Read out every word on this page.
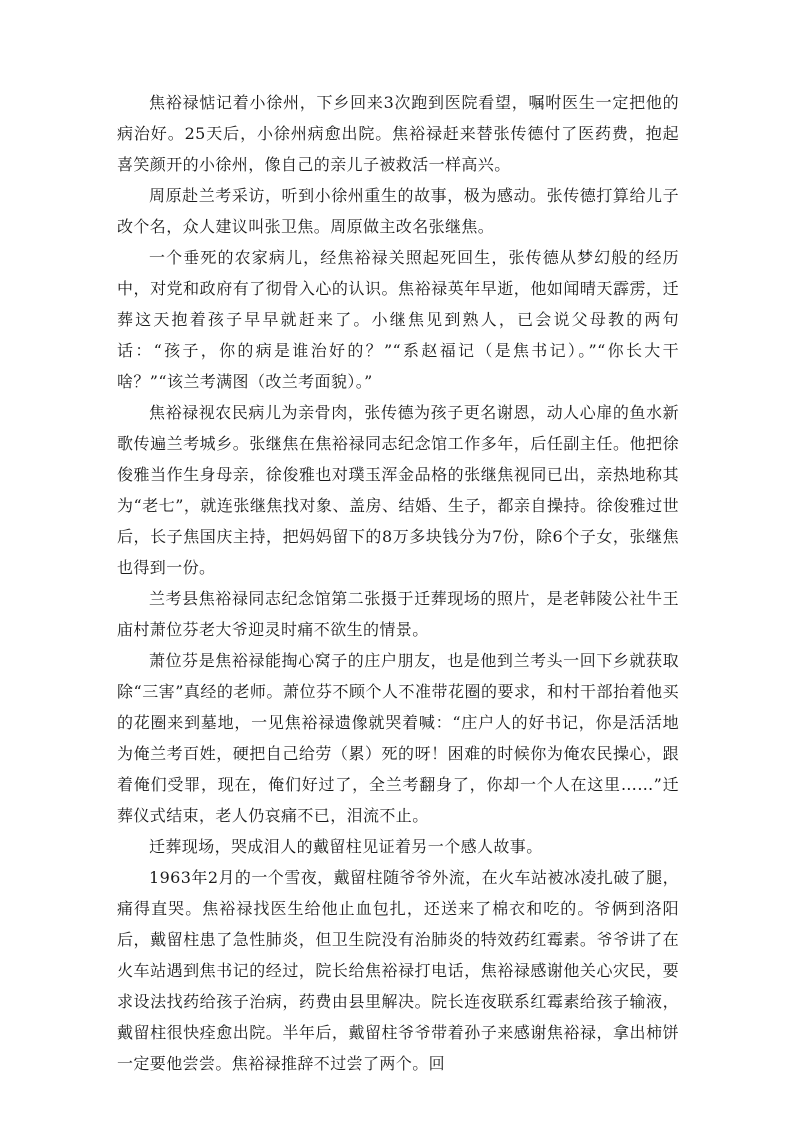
焦裕禄惦记着小徐州，下乡回来3次跑到医院看望，嘱咐医生一定把他的病治好。25天后，小徐州病愈出院。焦裕禄赶来替张传德付了医药费，抱起喜笑颜开的小徐州，像自己的亲儿子被救活一样高兴。

周原赴兰考采访，听到小徐州重生的故事，极为感动。张传德打算给儿子改个名，众人建议叫张卫焦。周原做主改名张继焦。

一个垂死的农家病儿，经焦裕禄关照起死回生，张传德从梦幻般的经历中，对党和政府有了彻骨入心的认识。焦裕禄英年早逝，他如闻晴天霹雳，迁葬这天抱着孩子早早就赶来了。小继焦见到熟人，已会说父母教的两句话：“孩子，你的病是谁治好的？”“系赵福记（是焦书记）。”“你长大干啥？”“该兰考满图（改兰考面貌）。”

焦裕禄视农民病儿为亲骨肉，张传德为孩子更名谢恩，动人心扉的鱼水新歌传遍兰考城乡。张继焦在焦裕禄同志纪念馆工作多年，后任副主任。他把徐俊雅当作生身母亲，徐俊雅也对璞玉浑金品格的张继焦视同已出，亲热地称其为“老七”，就连张继焦找对象、盖房、结婚、生子，都亲自操持。徐俊雅过世后，长子焦国庆主持，把妈妈留下的8万多块钱分为7份，除6个子女，张继焦也得到一份。

兰考县焦裕禄同志纪念馆第二张摄于迁葬现场的照片，是老韩陵公社牛王庙村萧位芬老大爷迎灵时痛不欲生的情景。

萧位芬是焦裕禄能掏心窝子的庄户朋友，也是他到兰考头一回下乡就获取除“三害”真经的老师。萧位芬不顾个人不准带花圈的要求，和村干部抬着他买的花圈来到墓地，一见焦裕禄遗像就哭着喊：“庄户人的好书记，你是活活地为俺兰考百姓，硬把自己给劳（累）死的呀！困难的时候你为俺农民操心，跟着俺们受罪，现在，俺们好过了，全兰考翻身了，你却一个人在这里……”迁葬仪式结束，老人仍哀痛不已，泪流不止。

迁葬现场，哭成泪人的戴留柱见证着另一个感人故事。

1963年2月的一个雪夜，戴留柱随爷爷外流，在火车站被冰凌扎破了腿，痛得直哭。焦裕禄找医生给他止血包扎，还送来了棉衣和吃的。爷俩到洛阳后，戴留柱患了急性肺炎，但卫生院没有治肺炎的特效药红霉素。爷爷讲了在火车站遇到焦书记的经过，院长给焦裕禄打电话，焦裕禄感谢他关心灾民，要求设法找药给孩子治病，药费由县里解决。院长连夜联系红霉素给孩子输液，戴留柱很快痊愈出院。半年后，戴留柱爷爷带着孙子来感谢焦裕禄，拿出柿饼一定要他尝尝。焦裕禄推辞不过尝了两个。回
